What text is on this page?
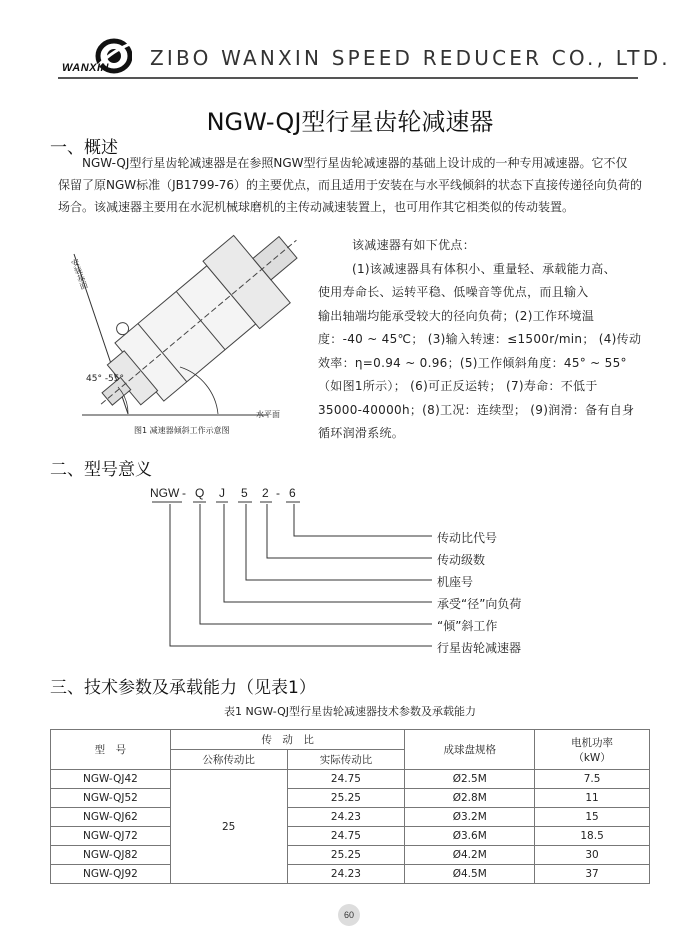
WANXIN ZIBO WANXIN SPEED REDUCER CO., LTD.
NGW-QJ型行星齿轮减速器
一、概述
NGW-QJ型行星齿轮减速器是在参照NGW型行星齿轮减速器的基础上设计成的一种专用减速器。它不仅
保留了原NGW标准（JB1799-76）的主要优点，而且适用于安装在与水平线倾斜的状态下直接传递径向负荷的
场合。该减速器主要用在水泥机械球磨机的主传动减速装置上，也可用作其它相类似的传动装置。
安装基面
45° -55°
水平面
图1 减速器倾斜工作示意图
该减速器有如下优点：
(1)该减速器具有体积小、重量轻、承载能力高、
使用寿命长、运转平稳、低噪音等优点，而且输入
输出轴端均能承受较大的径向负荷；(2)工作环境温
度：-40 ~ 45℃； (3)输入转速：≤1500r/min； (4)传动
效率：η=0.94 ~ 0.96；(5)工作倾斜角度：45° ~ 55°
（如图1所示）； (6)可正反运转； (7)寿命：不低于
35000-40000h；(8)工况：连续型； (9)润滑：备有自身
循环润滑系统。
二、型号意义
NGW - Q J 5 2 - 6
传动比代号
传动级数
机座号
承受“径”向负荷
“倾”斜工作
行星齿轮减速器
三、技术参数及承载能力（见表1）
表1 NGW-QJ型行星齿轮减速器技术参数及承载能力
型　号	传　动　比		成球盘规格	电机功率
（kW）

	公称传动比	实际传动比		
NGW-QJ42	25	24.75	Ø2.5M	7.5
NGW-QJ52		25.25	Ø2.8M	11
NGW-QJ62		24.23	Ø3.2M	15
NGW-QJ72		24.75	Ø3.6M	18.5
NGW-QJ82		25.25	Ø4.2M	30
NGW-QJ92		24.23	Ø4.5M	37
60
